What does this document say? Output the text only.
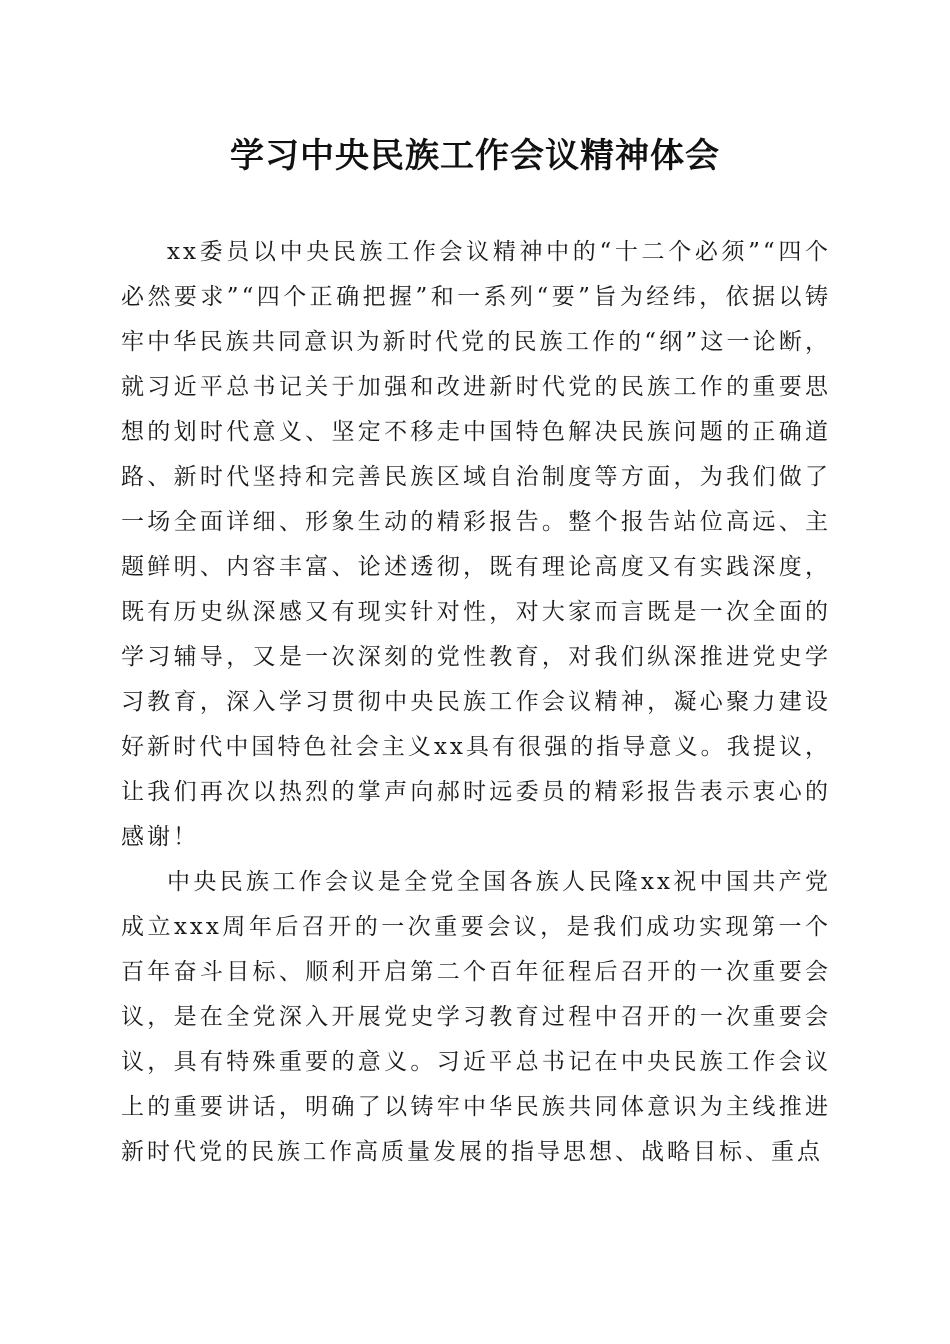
学习中央民族工作会议精神体会

xx委员以中央民族工作会议精神中的“十二个必须”“四个必然要求”“四个正确把握”和一系列“要”旨为经纬，依据以铸牢中华民族共同意识为新时代党的民族工作的“纲”这一论断，就习近平总书记关于加强和改进新时代党的民族工作的重要思想的划时代意义、坚定不移走中国特色解决民族问题的正确道路、新时代坚持和完善民族区域自治制度等方面，为我们做了一场全面详细、形象生动的精彩报告。整个报告站位高远、主题鲜明、内容丰富、论述透彻，既有理论高度又有实践深度，既有历史纵深感又有现实针对性，对大家而言既是一次全面的学习辅导，又是一次深刻的党性教育，对我们纵深推进党史学习教育，深入学习贯彻中央民族工作会议精神，凝心聚力建设好新时代中国特色社会主义xx具有很强的指导意义。我提议，让我们再次以热烈的掌声向郝时远委员的精彩报告表示衷心的感谢！

中央民族工作会议是全党全国各族人民隆xx祝中国共产党成立xxx周年后召开的一次重要会议，是我们成功实现第一个百年奋斗目标、顺利开启第二个百年征程后召开的一次重要会议，是在全党深入开展党史学习教育过程中召开的一次重要会议，具有特殊重要的意义。习近平总书记在中央民族工作会议上的重要讲话，明确了以铸牢中华民族共同体意识为主线推进新时代党的民族工作高质量发展的指导思想、战略目标、重点
